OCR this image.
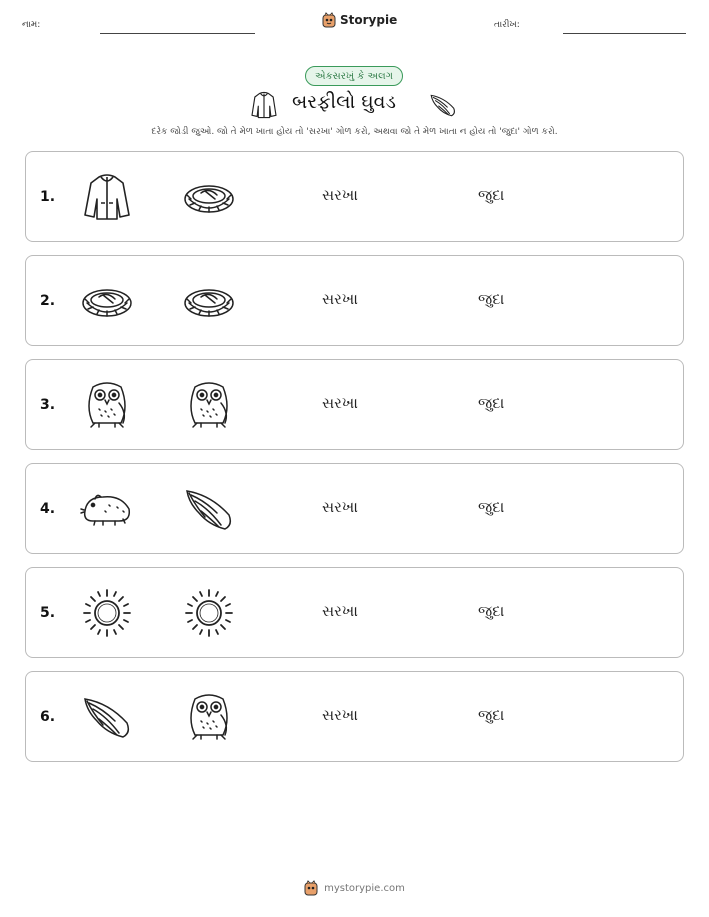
નામ:	Storypie	તારીખ:
એકસરખું કે અલગ
બરફીલો ઘુવડ
દરેક જોડી જુઓ. જો તે મેળ ખાતા હોય તો 'સરખા' ગોળ કરો, અથવા જો તે મેળ ખાતા ન હોય તો 'જુદા' ગોળ કરો.
1.	સરખા	જુદા
2.	સરખા	જુદા
3.	સરખા	જુદા
4.	સરખા	જુદા
5.	સરખા	જુદા
6.	સરખા	જુદા
mystorypie.com
